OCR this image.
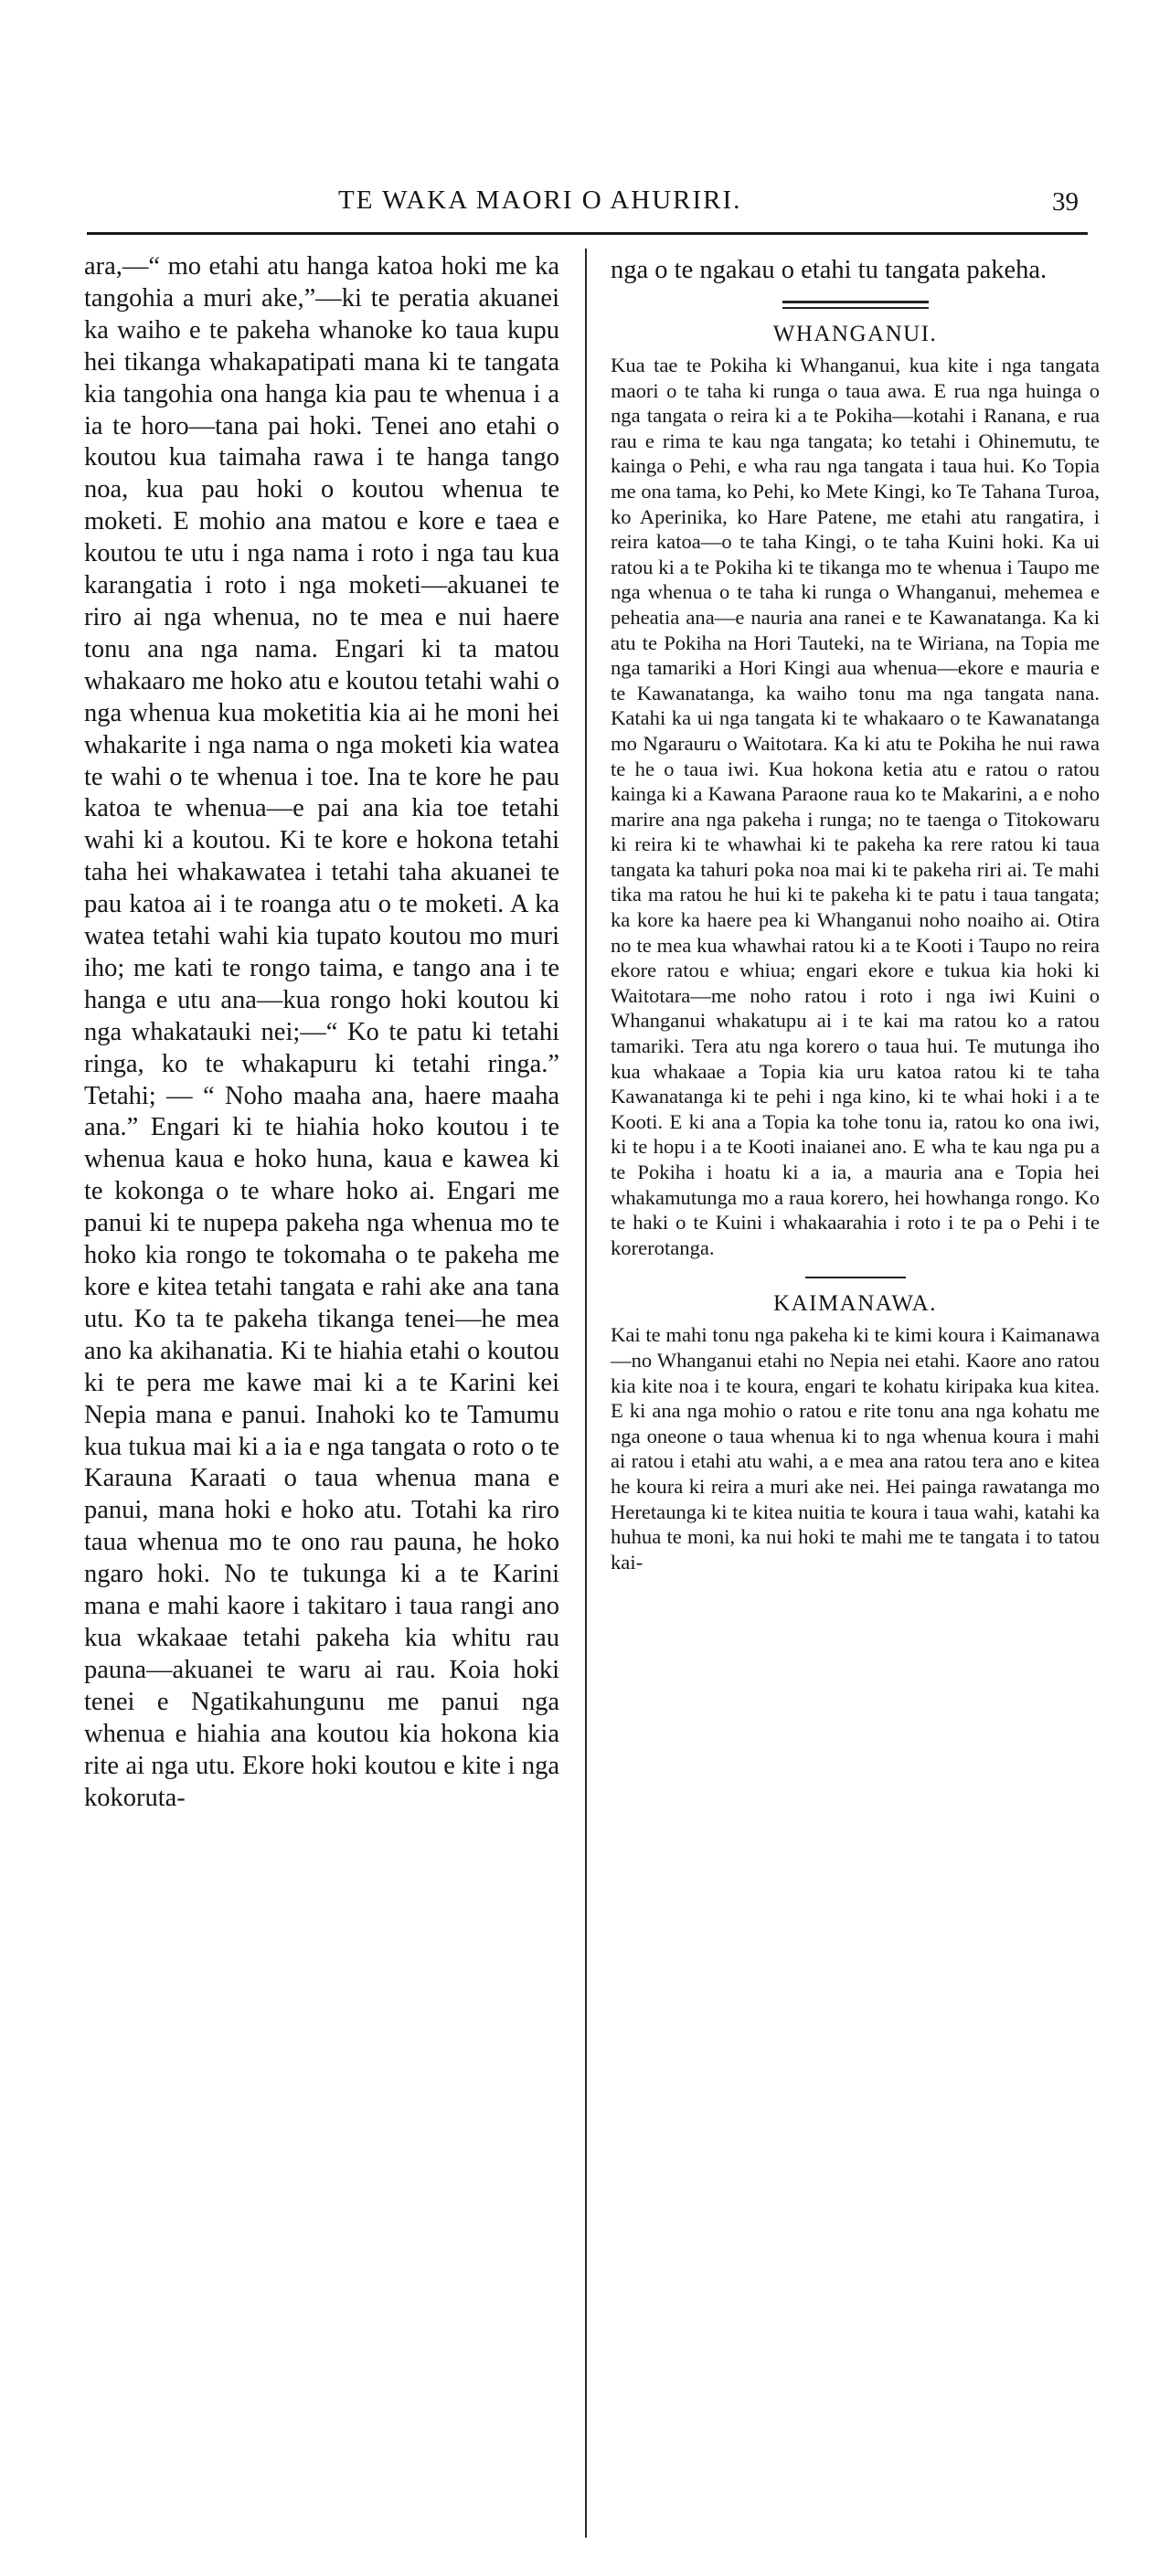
TE WAKA MAORI O AHURIRI.	39

ara,—“ mo etahi atu hanga katoa hoki me ka tangohia a muri ake,”—ki te peratia akuanei ka waiho e te pakeha whanoke ko taua kupu hei tikanga whakapatipati mana ki te tangata kia tangohia ona hanga kia pau te whenua i a ia te horo—tana pai hoki. Tenei ano etahi o koutou kua taimaha rawa i te hanga tango noa, kua pau hoki o koutou whenua te moketi. E mohio ana matou e kore e taea e koutou te utu i nga nama i roto i nga tau kua karangatia i roto i nga moketi—akuanei te riro ai nga whenua, no te mea e nui haere tonu ana nga nama. Engari ki ta matou whakaaro me hoko atu e koutou tetahi wahi o nga whenua kua moketitia kia ai he moni hei whakarite i nga nama o nga moketi kia watea te wahi o te whenua i toe. Ina te kore he pau katoa te whenua—e pai ana kia toe tetahi wahi ki a koutou. Ki te kore e hokona tetahi taha hei whakawatea i tetahi taha akuanei te pau katoa ai i te roanga atu o te moketi. A ka watea tetahi wahi kia tupato koutou mo muri iho; me kati te rongo taima, e tango ana i te hanga e utu ana—kua rongo hoki koutou ki nga whakatauki nei;—“ Ko te patu ki tetahi ringa, ko te whakapuru ki tetahi ringa.” Tetahi; — “ Noho maaha ana, haere maaha ana.” Engari ki te hiahia hoko koutou i te whenua kaua e hoko huna, kaua e kawea ki te kokonga o te whare hoko ai. Engari me panui ki te nupepa pakeha nga whenua mo te hoko kia rongo te tokomaha o te pakeha me kore e kitea tetahi tangata e rahi ake ana tana utu. Ko ta te pakeha tikanga tenei—he mea ano ka akihanatia. Ki te hiahia etahi o koutou ki te pera me kawe mai ki a te Karini kei Nepia mana e panui. Inahoki ko te Tamumu kua tukua mai ki a ia e nga tangata o roto o te Karauna Karaati o taua whenua mana e panui, mana hoki e hoko atu. Totahi ka riro taua whenua mo te ono rau pauna, he hoko ngaro hoki. No te tukunga ki a te Karini mana e mahi kaore i takitaro i taua rangi ano kua wkakaae tetahi pakeha kia whitu rau pauna—akuanei te waru ai rau. Koia hoki tenei e Ngatikahungunu me panui nga whenua e hiahia ana koutou kia hokona kia rite ai nga utu. Ekore hoki koutou e kite i nga kokoruta-

nga o te ngakau o etahi tu tangata pakeha.

WHANGANUI.

Kua tae te Pokiha ki Whanganui, kua kite i nga tangata maori o te taha ki runga o taua awa. E rua nga huinga o nga tangata o reira ki a te Pokiha—kotahi i Ranana, e rua rau e rima te kau nga tangata; ko tetahi i Ohinemutu, te kainga o Pehi, e wha rau nga tangata i taua hui. Ko Topia me ona tama, ko Pehi, ko Mete Kingi, ko Te Tahana Turoa, ko Aperinika, ko Hare Patene, me etahi atu rangatira, i reira katoa—o te taha Kingi, o te taha Kuini hoki. Ka ui ratou ki a te Pokiha ki te tikanga mo te whenua i Taupo me nga whenua o te taha ki runga o Whanganui, mehemea e peheatia ana—e nauria ana ranei e te Kawanatanga. Ka ki atu te Pokiha na Hori Tauteki, na te Wiriana, na Topia me nga tamariki a Hori Kingi aua whenua—ekore e mauria e te Kawanatanga, ka waiho tonu ma nga tangata nana. Katahi ka ui nga tangata ki te whakaaro o te Kawanatanga mo Ngarauru o Waitotara. Ka ki atu te Pokiha he nui rawa te he o taua iwi. Kua hokona ketia atu e ratou o ratou kainga ki a Kawana Paraone raua ko te Makarini, a e noho marire ana nga pakeha i runga; no te taenga o Titokowaru ki reira ki te whawhai ki te pakeha ka rere ratou ki taua tangata ka tahuri poka noa mai ki te pakeha riri ai. Te mahi tika ma ratou he hui ki te pakeha ki te patu i taua tangata; ka kore ka haere pea ki Whanganui noho noaiho ai. Otira no te mea kua whawhai ratou ki a te Kooti i Taupo no reira ekore ratou e whiua; engari ekore e tukua kia hoki ki Waitotara—me noho ratou i roto i nga iwi Kuini o Whanganui whakatupu ai i te kai ma ratou ko a ratou tamariki. Tera atu nga korero o taua hui. Te mutunga iho kua whakaae a Topia kia uru katoa ratou ki te taha Kawanatanga ki te pehi i nga kino, ki te whai hoki i a te Kooti. E ki ana a Topia ka tohe tonu ia, ratou ko ona iwi, ki te hopu i a te Kooti inaianei ano. E wha te kau nga pu a te Pokiha i hoatu ki a ia, a mauria ana e Topia hei whakamutunga mo a raua korero, hei howhanga rongo. Ko te haki o te Kuini i whakaarahia i roto i te pa o Pehi i te korerotanga.

KAIMANAWA.

Kai te mahi tonu nga pakeha ki te kimi koura i Kaimanawa—no Whanganui etahi no Nepia nei etahi. Kaore ano ratou kia kite noa i te koura, engari te kohatu kiripaka kua kitea. E ki ana nga mohio o ratou e rite tonu ana nga kohatu me nga oneone o taua whenua ki to nga whenua koura i mahi ai ratou i etahi atu wahi, a e mea ana ratou tera ano e kitea he koura ki reira a muri ake nei. Hei painga rawatanga mo Heretaunga ki te kitea nuitia te koura i taua wahi, katahi ka huhua te moni, ka nui hoki te mahi me te tangata i to tatou kai-
